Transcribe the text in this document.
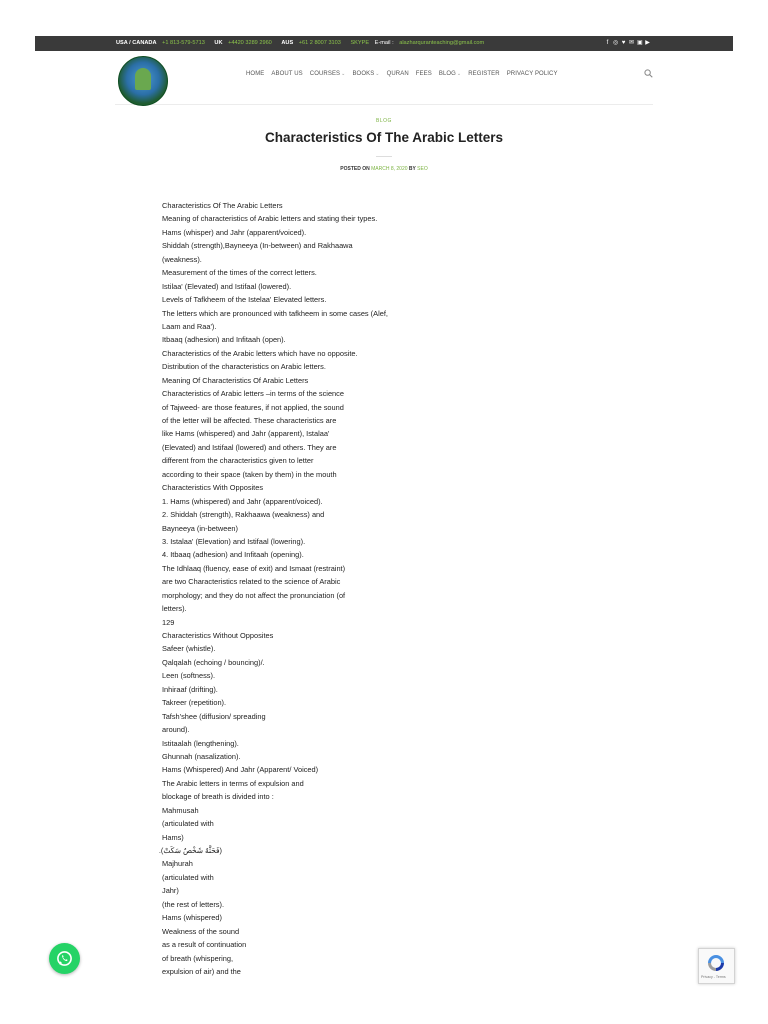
USA / CANADA +1 813-579-5713 UK +4420 3289 2960 AUS +61 2 8007 3103 SKYPE E-mail : alazharquranteaching@gmail.com	f ◎ ♥ ✉ ▣ ▶
HOME ABOUT US COURSES⌄ BOOKS⌄ QURAN FEES BLOG⌄ REGISTER PRIVACY POLICY
BLOG
Characteristics Of The Arabic Letters
POSTED ON MARCH 8, 2020 BY SEO
Characteristics Of The Arabic Letters
Meaning of characteristics of Arabic letters and stating their types.
Hams (whisper) and Jahr (apparent/voiced).
Shiddah (strength),Bayneeya (In-between) and Rakhaawa
(weakness).
Measurement of the times of the correct letters.
Istilaa' (Elevated) and Istifaal (lowered).
Levels of Tafkheem of the Istelaa' Elevated letters.
The letters which are pronounced with tafkheem in some cases (Alef,
Laam and Raa').
Itbaaq (adhesion) and Infitaah (open).
Characteristics of the Arabic letters which have no opposite.
Distribution of the characteristics on Arabic letters.
Meaning Of Characteristics Of Arabic Letters
Characteristics of Arabic letters –in terms of the science
of Tajweed- are those features, if not applied, the sound
of the letter will be affected. These characteristics are
like Hams (whispered) and Jahr (apparent), Istalaa'
(Elevated) and Istifaal (lowered) and others. They are
different from the characteristics given to letter
according to their space (taken by them) in the mouth
Characteristics With Opposites
1. Hams (whispered) and Jahr (apparent/voiced).
2. Shiddah (strength), Rakhaawa (weakness) and
Bayneeya (in-between)
3. Istalaa' (Elevation) and Istifaal (lowering).
4. Itbaaq (adhesion) and Infitaah (opening).
The Idhlaaq (fluency, ease of exit) and Ismaat (restraint)
are two Characteristics related to the science of Arabic
morphology; and they do not affect the pronunciation (of
letters).
129
Characteristics Without Opposites
Safeer (whistle).
Qalqalah (echoing / bouncing)/.
Leen (softness).
Inhiraaf (drifting).
Takreer (repetition).
Tafsh'shee (diffusion/ spreading
around).
Istitaalah (lengthening).
Ghunnah (nasalization).
Hams (Whispered) And Jahr (Apparent/ Voiced)
The Arabic letters in terms of expulsion and
blockage of breath is divided into :
Mahmusah
(articulated with
Hams)
(فَحَثَّهُ شَخْصٌ سَكَتْ).
Majhurah
(articulated with
Jahr)
(the rest of letters).
Hams (whispered)
Weakness of the sound
as a result of continuation
of breath (whispering,
expulsion of air) and the
Privacy - Terms
